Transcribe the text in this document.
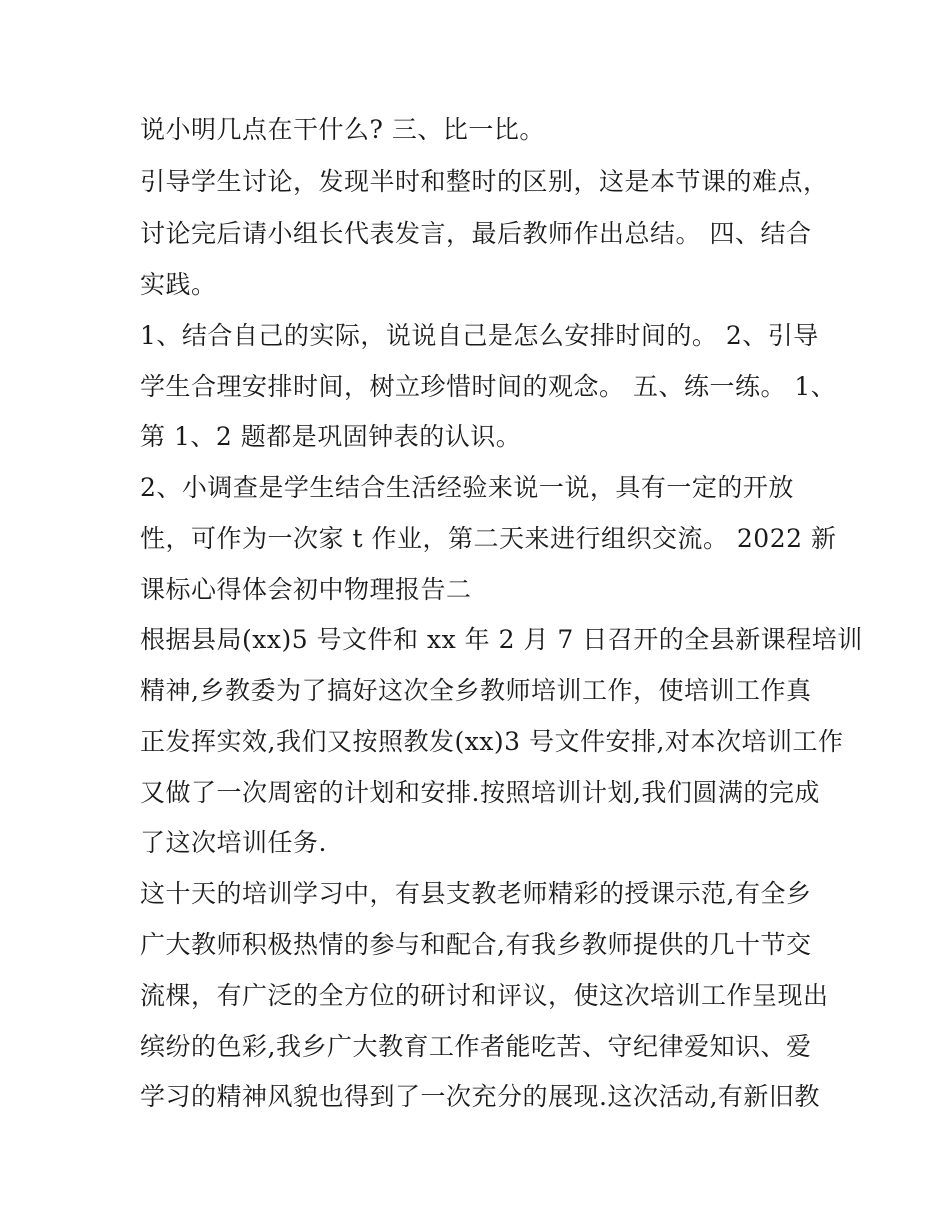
说小明几点在干什么? 三、比一比。
引导学生讨论，发现半时和整时的区别，这是本节课的难点，
讨论完后请小组长代表发言，最后教师作出总结。 四、结合
实践。
1、结合自己的实际，说说自己是怎么安排时间的。 2、引导
学生合理安排时间，树立珍惜时间的观念。 五、练一练。 1、
第 1、2 题都是巩固钟表的认识。
2、小调查是学生结合生活经验来说一说，具有一定的开放
性，可作为一次家 t 作业，第二天来进行组织交流。 2022 新
课标心得体会初中物理报告二
根据县局(xx)5 号文件和 xx 年 2 月 7 日召开的全县新课程培训
精神,乡教委为了搞好这次全乡教师培训工作，使培训工作真
正发挥实效,我们又按照教发(xx)3 号文件安排,对本次培训工作
又做了一次周密的计划和安排.按照培训计划,我们圆满的完成
了这次培训任务.
这十天的培训学习中，有县支教老师精彩的授课示范,有全乡
广大教师积极热情的参与和配合,有我乡教师提供的几十节交
流棵，有广泛的全方位的研讨和评议，使这次培训工作呈现出
缤纷的色彩,我乡广大教育工作者能吃苦、守纪律爱知识、爱
学习的精神风貌也得到了一次充分的展现.这次活动,有新旧教
